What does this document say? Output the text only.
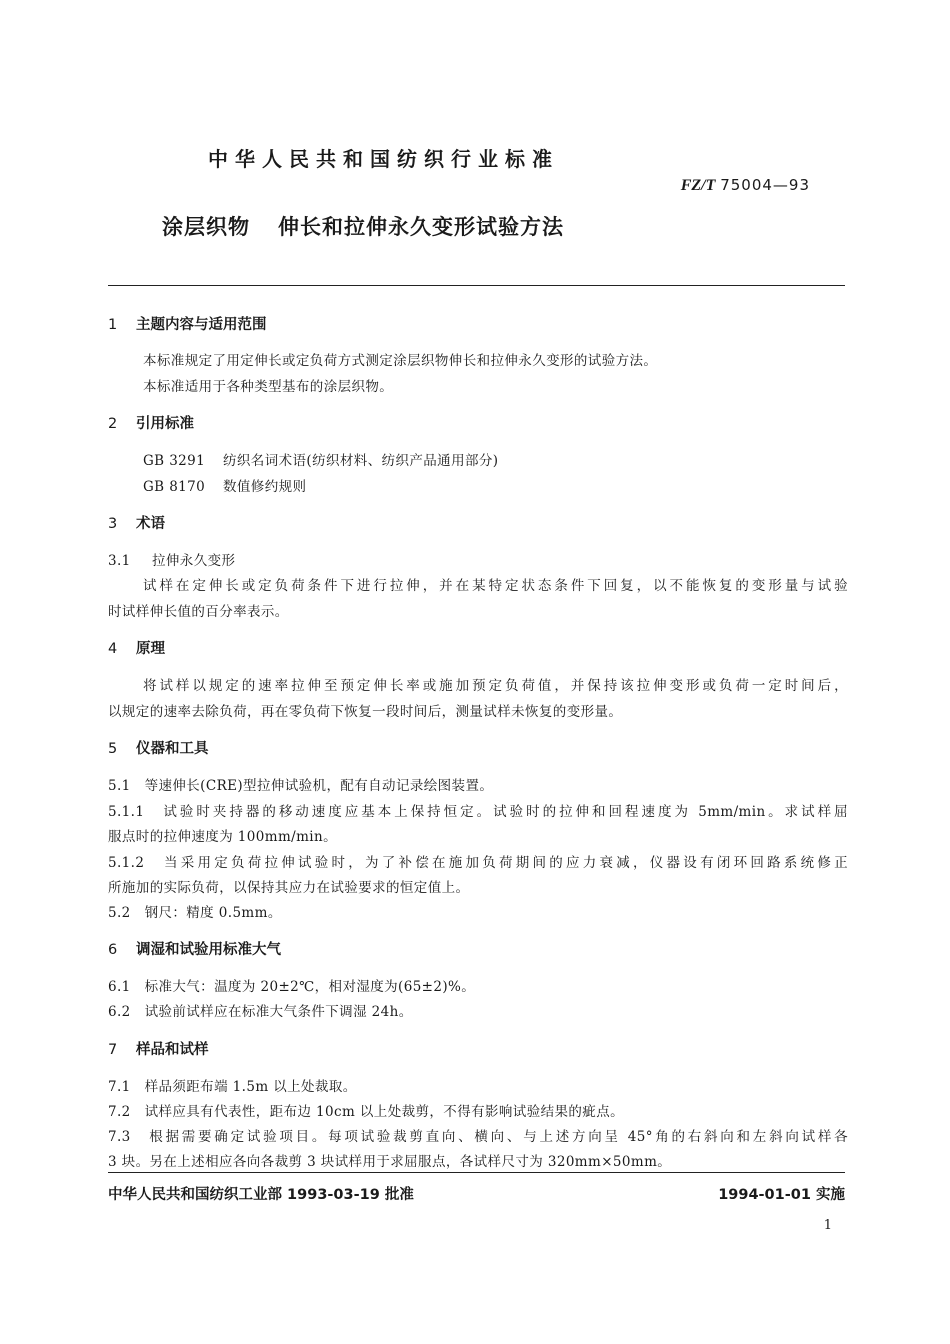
中华人民共和国纺织行业标准
FZ/T 75004—93
涂层织物 伸长和拉伸永久变形试验方法
1 主题内容与适用范围
本标准规定了用定伸长或定负荷方式测定涂层织物伸长和拉伸永久变形的试验方法。
本标准适用于各种类型基布的涂层织物。
2 引用标准
GB 3291 纺织名词术语(纺织材料、纺织产品通用部分)
GB 8170 数值修约规则
3 术语
3.1 拉伸永久变形
试样在定伸长或定负荷条件下进行拉伸，并在某特定状态条件下回复，以不能恢复的变形量与试验
时试样伸长值的百分率表示。
4 原理
将试样以规定的速率拉伸至预定伸长率或施加预定负荷值，并保持该拉伸变形或负荷一定时间后，
以规定的速率去除负荷，再在零负荷下恢复一段时间后，测量试样未恢复的变形量。
5 仪器和工具
5.1　等速伸长(CRE)型拉伸试验机，配有自动记录绘图装置。
5.1.1　试验时夹持器的移动速度应基本上保持恒定。试验时的拉伸和回程速度为 5mm/min。求试样屈
服点时的拉伸速度为 100mm/min。
5.1.2　当采用定负荷拉伸试验时，为了补偿在施加负荷期间的应力衰减，仪器设有闭环回路系统修正
所施加的实际负荷，以保持其应力在试验要求的恒定值上。
5.2　钢尺：精度 0.5mm。
6 调湿和试验用标准大气
6.1　标准大气：温度为 20±2℃，相对湿度为(65±2)%。
6.2　试验前试样应在标准大气条件下调湿 24h。
7 样品和试样
7.1　样品须距布端 1.5m 以上处裁取。
7.2　试样应具有代表性，距布边 10cm 以上处裁剪，不得有影响试验结果的疵点。
7.3　根据需要确定试验项目。每项试验裁剪直向、横向、与上述方向呈 45°角的右斜向和左斜向试样各
3 块。另在上述相应各向各裁剪 3 块试样用于求屈服点，各试样尺寸为 320mm×50mm。
中华人民共和国纺织工业部 1993-03-19 批准	1994-01-01 实施
1
